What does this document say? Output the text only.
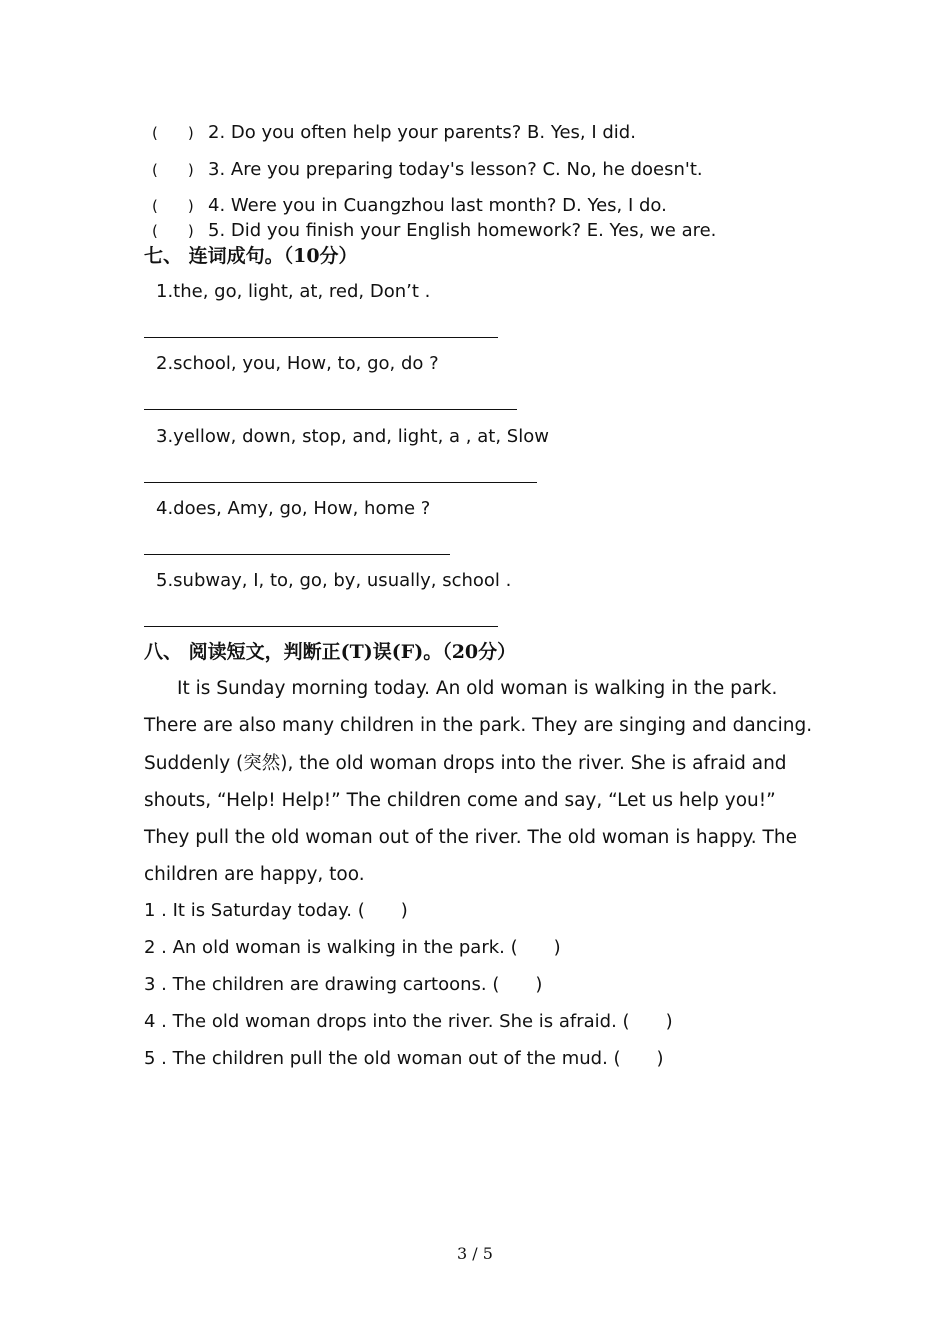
(　　) 2. Do you often help your parents? B. Yes, I did.
(　　) 3. Are you preparing today's lesson? C. No, he doesn't.
(　　) 4. Were you in Cuangzhou last month? D. Yes, I do.
(　　) 5. Did you finish your English homework? E. Yes, we are.
七、 连词成句。（10分）
1.the, go, light, at, red, Don’t .
2.school, you, How, to, go, do ?
3.yellow, down, stop, and, light, a , at, Slow
4.does, Amy, go, How, home ?
5.subway, I, to, go, by, usually, school .
八、 阅读短文，判断正(T)误(F)。（20分）
It is Sunday morning today. An old woman is walking in the park. There are also many children in the park. They are singing and dancing. Suddenly (突然), the old woman drops into the river. She is afraid and shouts, “Help! Help!” The children come and say, “Let us help you!” They pull the old woman out of the river. The old woman is happy. The children are happy, too.
1 . It is Saturday today. (　　)
2 . An old woman is walking in the park. (　　)
3 . The children are drawing cartoons. (　　)
4 . The old woman drops into the river. She is afraid. (　　)
5 . The children pull the old woman out of the mud. (　　)
3 / 5
